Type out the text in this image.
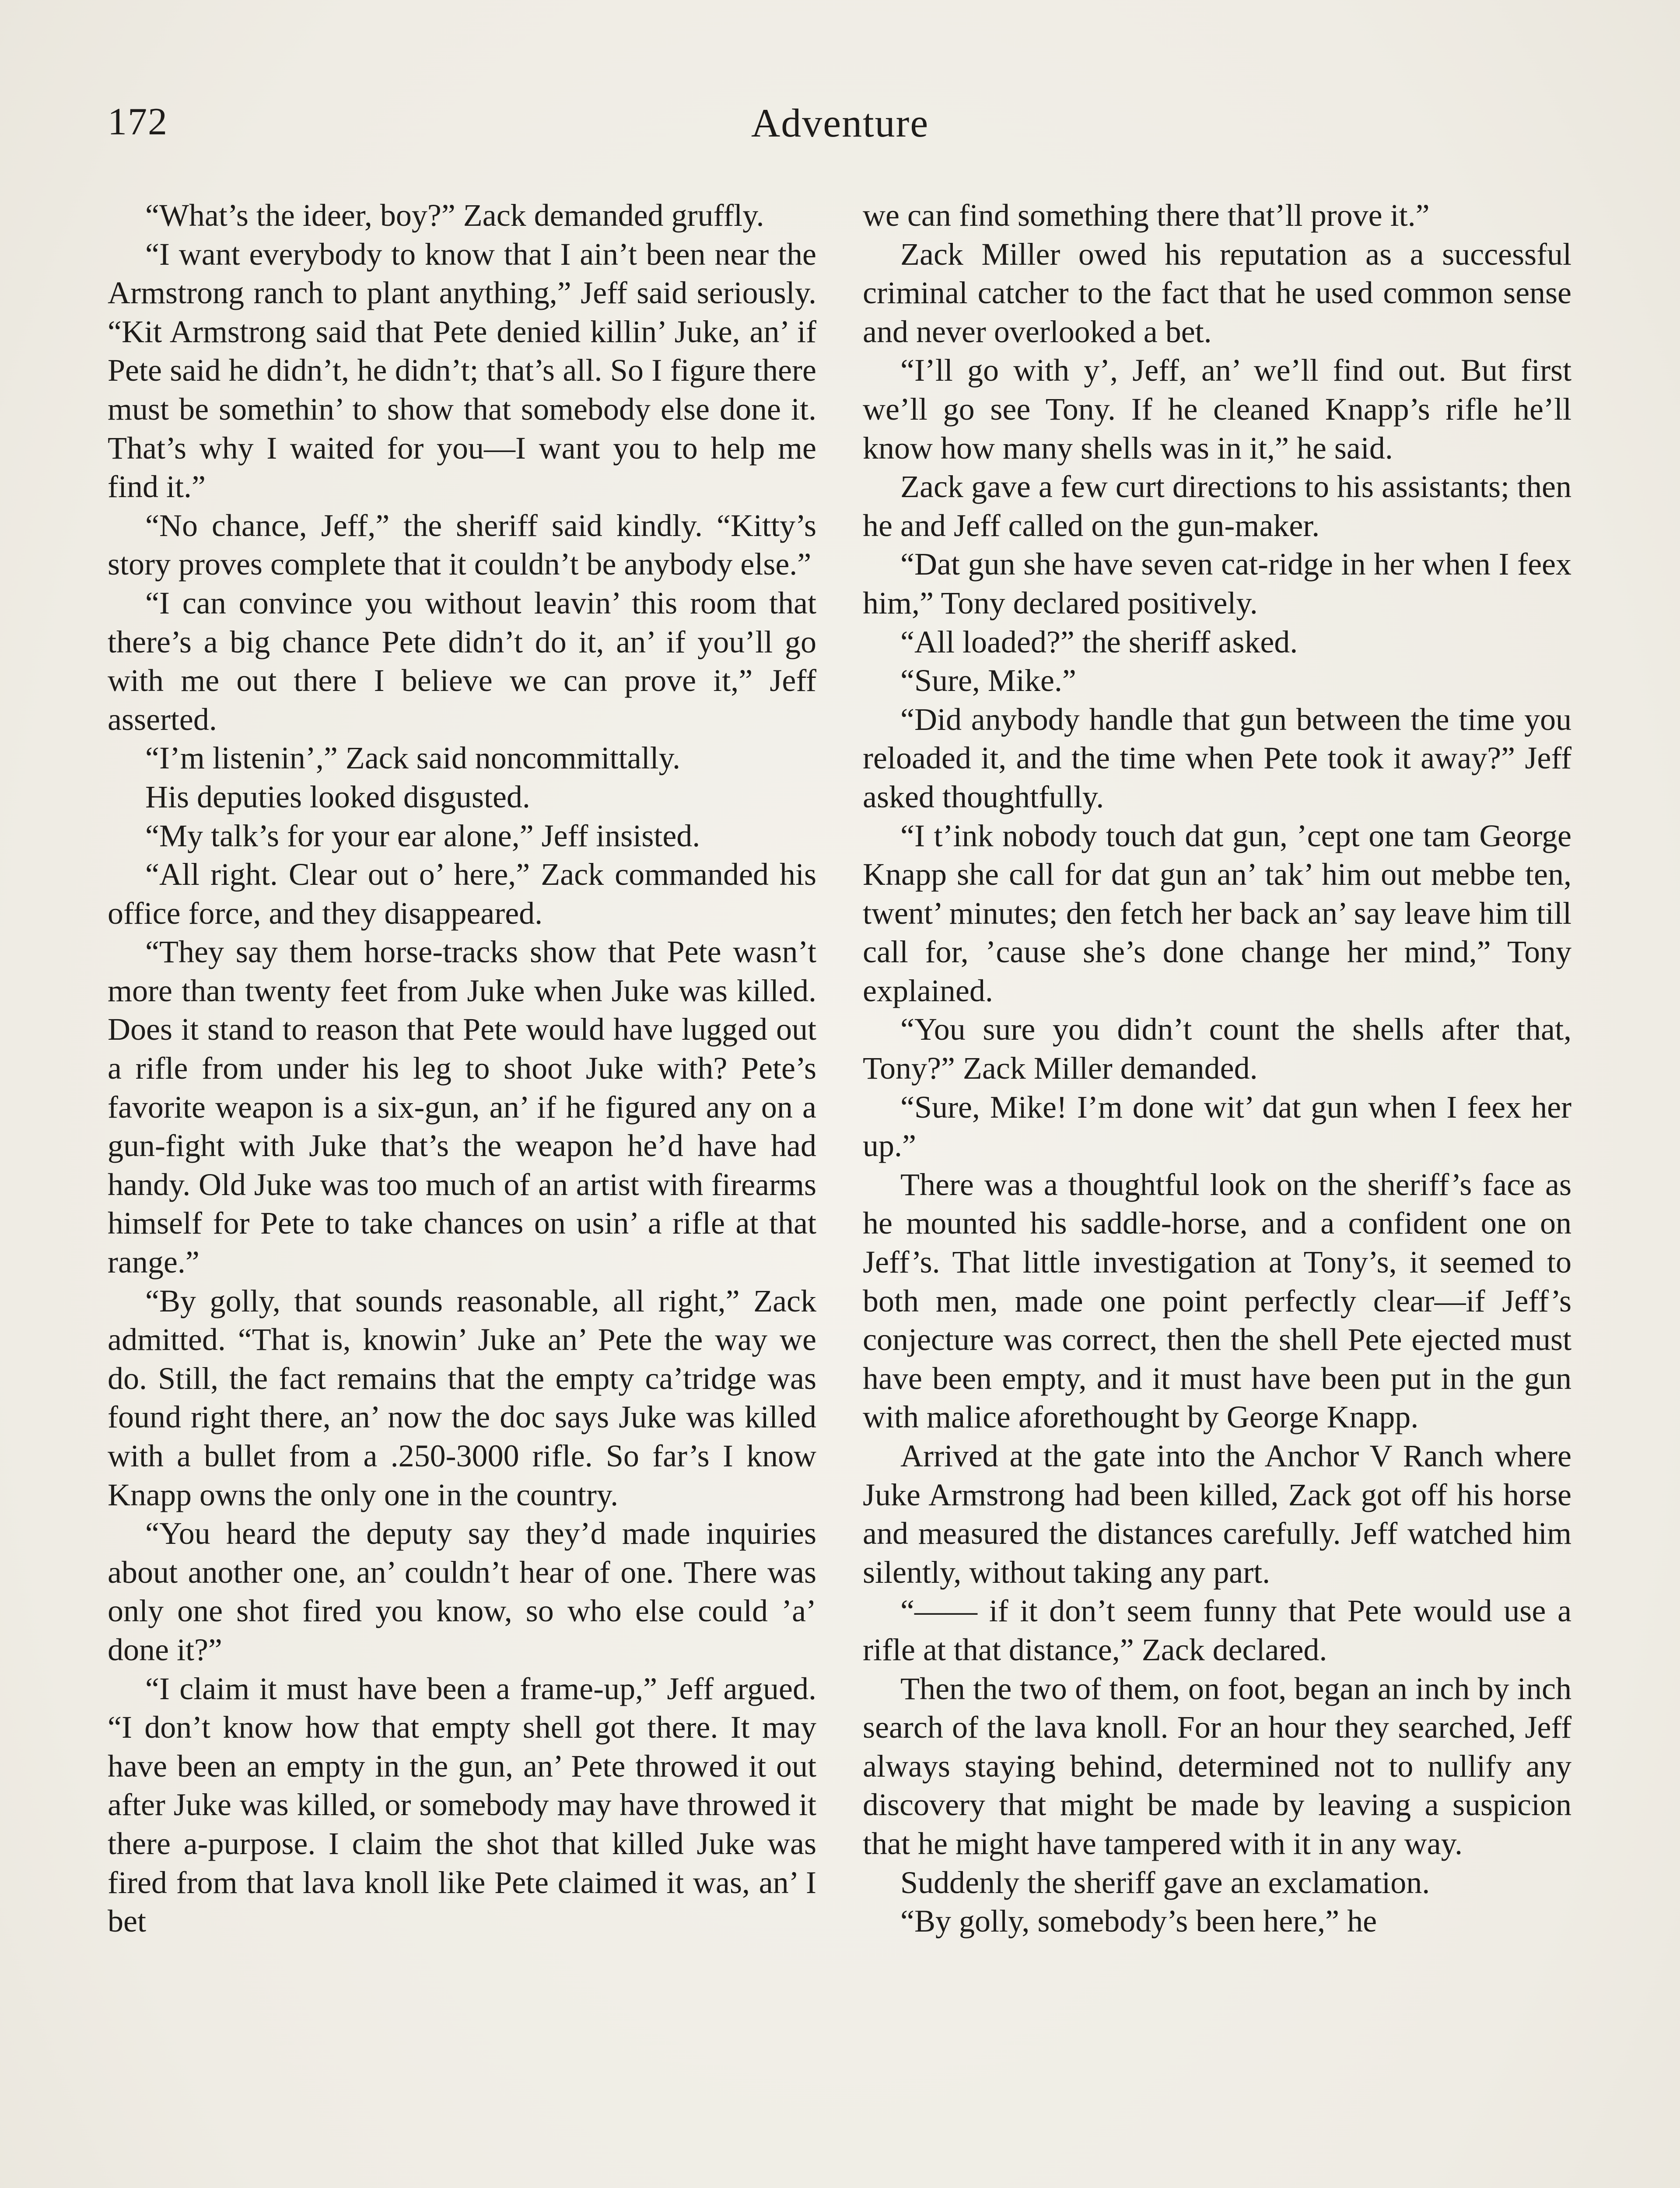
172	Adventure

“What’s the ideer, boy?” Zack demanded gruffly.

“I want everybody to know that I ain’t been near the Armstrong ranch to plant anything,” Jeff said seriously. “Kit Armstrong said that Pete denied killin’ Juke, an’ if Pete said he didn’t, he didn’t; that’s all. So I figure there must be somethin’ to show that somebody else done it. That’s why I waited for you—I want you to help me find it.”

“No chance, Jeff,” the sheriff said kindly. “Kitty’s story proves complete that it couldn’t be anybody else.”

“I can convince you without leavin’ this room that there’s a big chance Pete didn’t do it, an’ if you’ll go with me out there I believe we can prove it,” Jeff asserted.

“I’m listenin’,” Zack said noncommittally.

His deputies looked disgusted.

“My talk’s for your ear alone,” Jeff insisted.

“All right. Clear out o’ here,” Zack commanded his office force, and they disappeared.

“They say them horse-tracks show that Pete wasn’t more than twenty feet from Juke when Juke was killed. Does it stand to reason that Pete would have lugged out a rifle from under his leg to shoot Juke with? Pete’s favorite weapon is a six-gun, an’ if he figured any on a gun-fight with Juke that’s the weapon he’d have had handy. Old Juke was too much of an artist with firearms himself for Pete to take chances on usin’ a rifle at that range.”

“By golly, that sounds reasonable, all right,” Zack admitted. “That is, knowin’ Juke an’ Pete the way we do. Still, the fact remains that the empty ca’tridge was found right there, an’ now the doc says Juke was killed with a bullet from a .250-3000 rifle. So far’s I know Knapp owns the only one in the country.

“You heard the deputy say they’d made inquiries about another one, an’ couldn’t hear of one. There was only one shot fired you know, so who else could ’a’ done it?”

“I claim it must have been a frame-up,” Jeff argued. “I don’t know how that empty shell got there. It may have been an empty in the gun, an’ Pete throwed it out after Juke was killed, or somebody may have throwed it there a-purpose. I claim the shot that killed Juke was fired from that lava knoll like Pete claimed it was, an’ I bet

we can find something there that’ll prove it.”

Zack Miller owed his reputation as a successful criminal catcher to the fact that he used common sense and never overlooked a bet.

“I’ll go with y’, Jeff, an’ we’ll find out. But first we’ll go see Tony. If he cleaned Knapp’s rifle he’ll know how many shells was in it,” he said.

Zack gave a few curt directions to his assistants; then he and Jeff called on the gun-maker.

“Dat gun she have seven cat-ridge in her when I feex him,” Tony declared positively.

“All loaded?” the sheriff asked.

“Sure, Mike.”

“Did anybody handle that gun between the time you reloaded it, and the time when Pete took it away?” Jeff asked thoughtfully.

“I t’ink nobody touch dat gun, ’cept one tam George Knapp she call for dat gun an’ tak’ him out mebbe ten, twent’ minutes; den fetch her back an’ say leave him till call for, ’cause she’s done change her mind,” Tony explained.

“You sure you didn’t count the shells after that, Tony?” Zack Miller demanded.

“Sure, Mike! I’m done wit’ dat gun when I feex her up.”

There was a thoughtful look on the sheriff’s face as he mounted his saddle-horse, and a confident one on Jeff’s. That little investigation at Tony’s, it seemed to both men, made one point perfectly clear—if Jeff’s conjecture was correct, then the shell Pete ejected must have been empty, and it must have been put in the gun with malice aforethought by George Knapp.

Arrived at the gate into the Anchor V Ranch where Juke Armstrong had been killed, Zack got off his horse and measured the distances carefully. Jeff watched him silently, without taking any part.

“—— if it don’t seem funny that Pete would use a rifle at that distance,” Zack declared.

Then the two of them, on foot, began an inch by inch search of the lava knoll. For an hour they searched, Jeff always staying behind, determined not to nullify any discovery that might be made by leaving a suspicion that he might have tampered with it in any way.

Suddenly the sheriff gave an exclamation.

“By golly, somebody’s been here,” he
